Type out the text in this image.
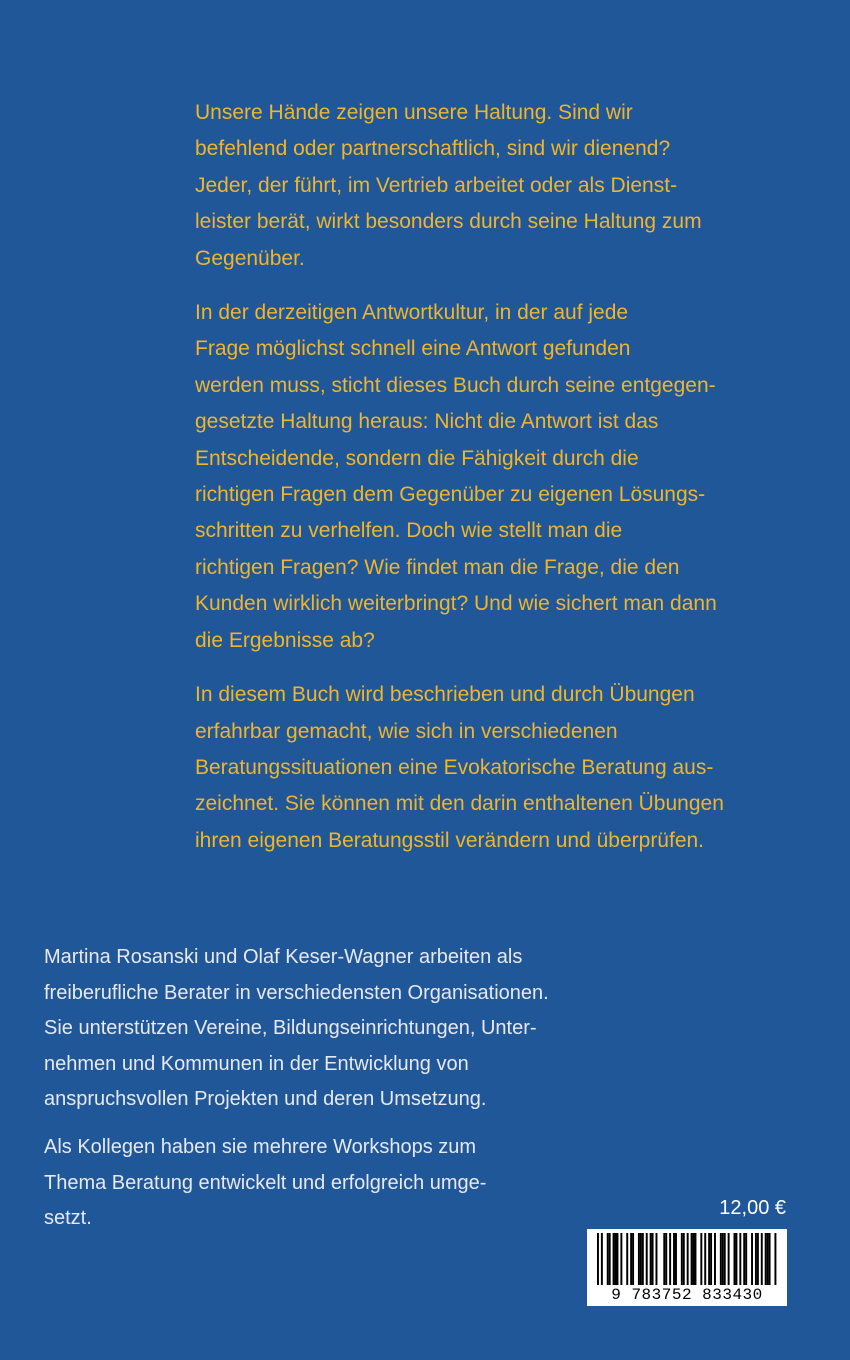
Unsere Hände zeigen unsere Haltung. Sind wir
befehlend oder partnerschaftlich, sind wir dienend?
Jeder, der führt, im Vertrieb arbeitet oder als Dienst-
leister berät, wirkt besonders durch seine Haltung zum
Gegenüber.

In der derzeitigen Antwortkultur, in der auf jede
Frage möglichst schnell eine Antwort gefunden
werden muss, sticht dieses Buch durch seine entgegen-
gesetzte Haltung heraus: Nicht die Antwort ist das
Entscheidende, sondern die Fähigkeit durch die
richtigen Fragen dem Gegenüber zu eigenen Lösungs-
schritten zu verhelfen. Doch wie stellt man die
richtigen Fragen? Wie findet man die Frage, die den
Kunden wirklich weiterbringt? Und wie sichert man dann
die Ergebnisse ab?

In diesem Buch wird beschrieben und durch Übungen
erfahrbar gemacht, wie sich in verschiedenen
Beratungssituationen eine Evokatorische Beratung aus-
zeichnet. Sie können mit den darin enthaltenen Übungen
ihren eigenen Beratungsstil verändern und überprüfen.

Martina Rosanski und Olaf Keser-Wagner arbeiten als
freiberufliche Berater in verschiedensten Organisationen.
Sie unterstützen Vereine, Bildungseinrichtungen, Unter-
nehmen und Kommunen in der Entwicklung von
anspruchsvollen Projekten und deren Umsetzung.

Als Kollegen haben sie mehrere Workshops zum
Thema Beratung entwickelt und erfolgreich umge-
setzt.	12,00 €
9 783752 833430
